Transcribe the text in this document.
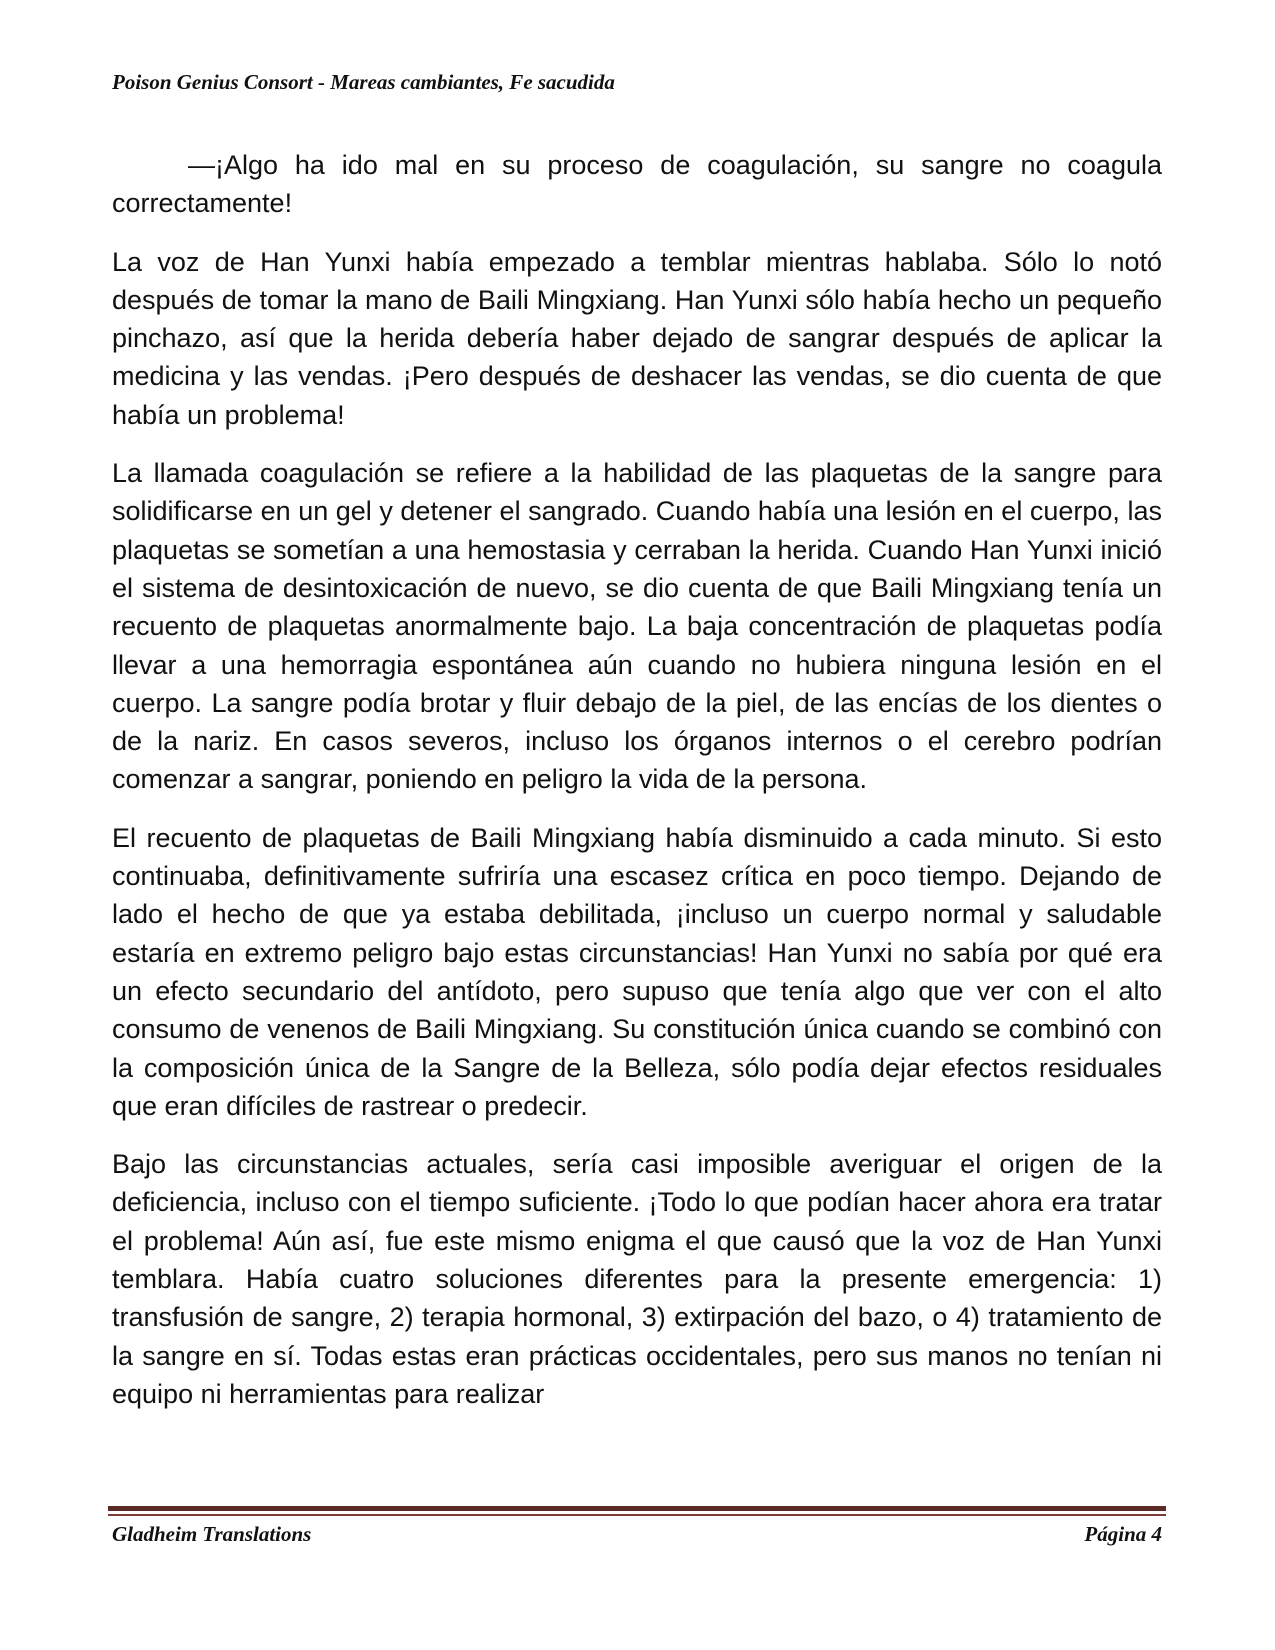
Poison Genius Consort - Mareas cambiantes, Fe sacudida

—¡Algo ha ido mal en su proceso de coagulación, su sangre no coagula correctamente!

La voz de Han Yunxi había empezado a temblar mientras hablaba. Sólo lo notó después de tomar la mano de Baili Mingxiang. Han Yunxi sólo había hecho un pequeño pinchazo, así que la herida debería haber dejado de sangrar después de aplicar la medicina y las vendas. ¡Pero después de deshacer las vendas, se dio cuenta de que había un problema!

La llamada coagulación se refiere a la habilidad de las plaquetas de la sangre para solidificarse en un gel y detener el sangrado. Cuando había una lesión en el cuerpo, las plaquetas se sometían a una hemostasia y cerraban la herida. Cuando Han Yunxi inició el sistema de desintoxicación de nuevo, se dio cuenta de que Baili Mingxiang tenía un recuento de plaquetas anormalmente bajo. La baja concentración de plaquetas podía llevar a una hemorragia espontánea aún cuando no hubiera ninguna lesión en el cuerpo. La sangre podía brotar y fluir debajo de la piel, de las encías de los dientes o de la nariz. En casos severos, incluso los órganos internos o el cerebro podrían comenzar a sangrar, poniendo en peligro la vida de la persona.

El recuento de plaquetas de Baili Mingxiang había disminuido a cada minuto. Si esto continuaba, definitivamente sufriría una escasez crítica en poco tiempo. Dejando de lado el hecho de que ya estaba debilitada, ¡incluso un cuerpo normal y saludable estaría en extremo peligro bajo estas circunstancias! Han Yunxi no sabía por qué era un efecto secundario del antídoto, pero supuso que tenía algo que ver con el alto consumo de venenos de Baili Mingxiang. Su constitución única cuando se combinó con la composición única de la Sangre de la Belleza, sólo podía dejar efectos residuales que eran difíciles de rastrear o predecir.

Bajo las circunstancias actuales, sería casi imposible averiguar el origen de la deficiencia, incluso con el tiempo suficiente. ¡Todo lo que podían hacer ahora era tratar el problema! Aún así, fue este mismo enigma el que causó que la voz de Han Yunxi temblara. Había cuatro soluciones diferentes para la presente emergencia: 1) transfusión de sangre, 2) terapia hormonal, 3) extirpación del bazo, o 4) tratamiento de la sangre en sí. Todas estas eran prácticas occidentales, pero sus manos no tenían ni equipo ni herramientas para realizar

Gladheim Translations	Página 4
